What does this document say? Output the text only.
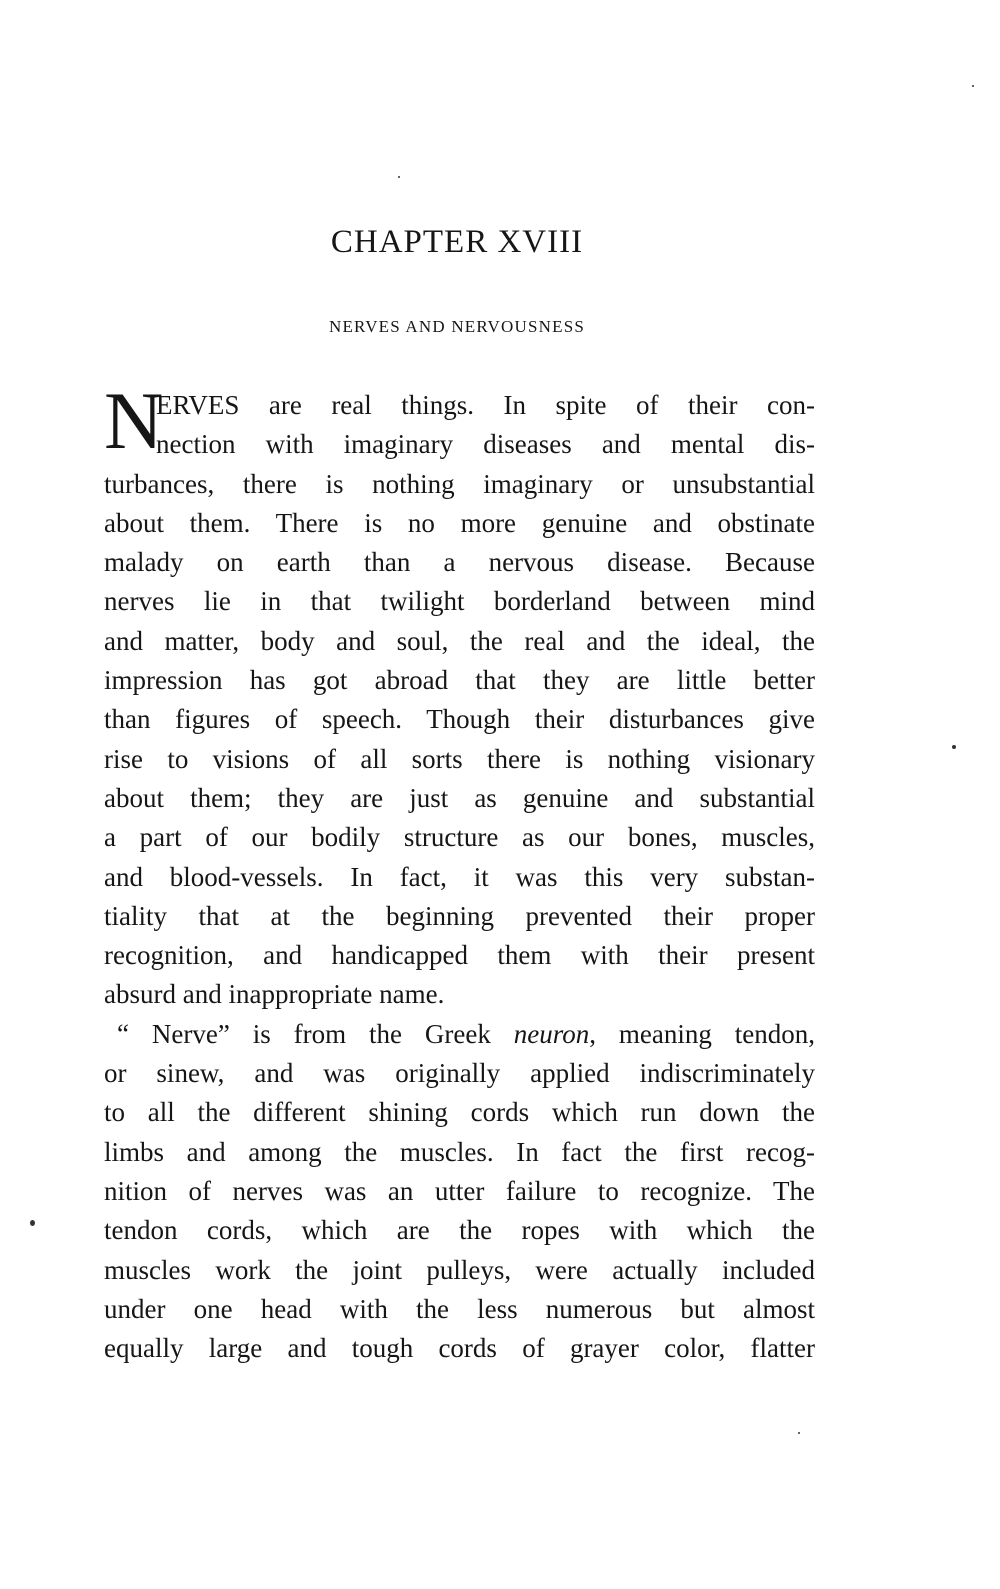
CHAPTER XVIII
NERVES AND NERVOUSNESS
N
ERVES are real things. In spite of their con-
nection with imaginary diseases and mental dis-
turbances, there is nothing imaginary or unsubstantial
about them. There is no more genuine and obstinate
malady on earth than a nervous disease. Because
nerves lie in that twilight borderland between mind
and matter, body and soul, the real and the ideal, the
impression has got abroad that they are little better
than figures of speech. Though their disturbances give
rise to visions of all sorts there is nothing visionary
about them; they are just as genuine and substantial
a part of our bodily structure as our bones, muscles,
and blood-vessels. In fact, it was this very substan-
tiality that at the beginning prevented their proper
recognition, and handicapped them with their present
absurd and inappropriate name.
“ Nerve” is from the Greek neuron, meaning tendon,
or sinew, and was originally applied indiscriminately
to all the different shining cords which run down the
limbs and among the muscles. In fact the first recog-
nition of nerves was an utter failure to recognize. The
tendon cords, which are the ropes with which the
muscles work the joint pulleys, were actually included
under one head with the less numerous but almost
equally large and tough cords of grayer color, flatter
